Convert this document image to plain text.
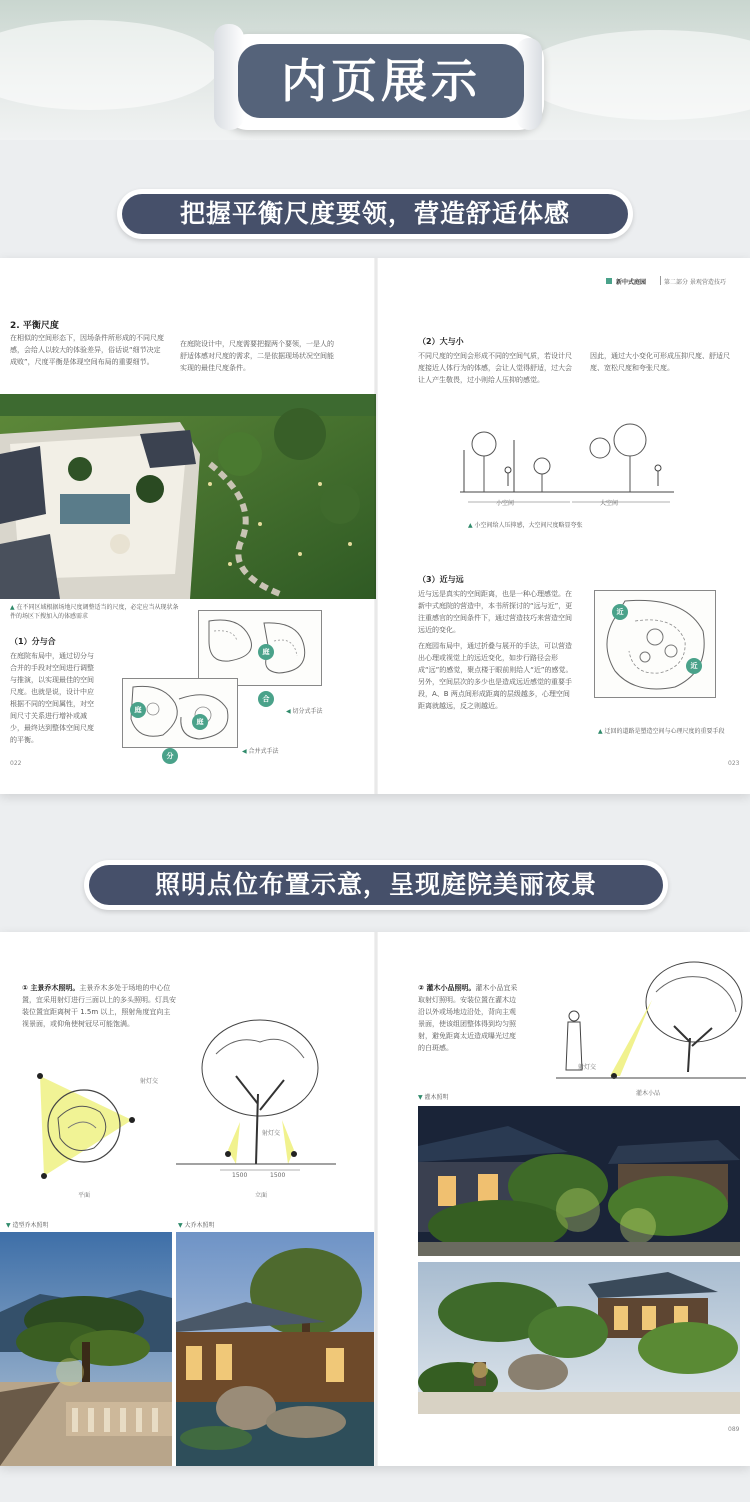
内页展示
把握平衡尺度要领，营造舒适体感
新中式庭园	第二部分 景观营造技巧
2. 平衡尺度
在相似的空间形态下，因场条件所形成的不同尺度感，会给人以较大的体验差异，俗话说“细节决定成败”，尺度平衡是体现空间布局的重要细节。
在庭院设计中，尺度需要把握两个要领，一是人的舒适体感对尺度的需求，二是依据现场状况空间能实现的最佳尺度条件。
▲ 在不同区域根据场地尺度调整适当的尺度，必定应当从现状条件的场区下搜加入的体感需求
（1）分与合
在庭院布局中，通过切分与合并的手段对空间进行调整与推演，以实现最佳的空间尺度。也就是说，设计中应根据不同的空间属性，对空间尺寸关系进行增补或减少，最终达到整体空间尺度的平衡。
庭
合
◀ 切分式手法
庭
庭
分
◀ 合并式手法
022
（2）大与小
不同尺度的空间会形成不同的空间气质，若设计尺度接近人体行为的体感，会让人觉得舒适，过大会让人产生敬畏，过小则给人压抑的感觉。
因此，通过大小变化可形成压抑尺度、舒适尺度、宽松尺度和夸张尺度。
小空间	大空间
▲ 小空间给人压抑感，大空间尺度略显夸张
（3）近与远
近与远是真实的空间距离，也是一种心理感觉。在新中式庭院的营造中，本书所探讨的“远与近”，更注重感官的空间条件下，通过营造技巧来营造空间远近的变化。
在庭园布局中，通过折叠与展开的手法，可以营造出心理或视觉上的远近变化，如步行路径会形成“远”的感觉，聚点楼于眼前则给人“近”的感觉。另外，空间层次的多少也是造成远近感觉的重要手段，A、B 两点间形成距离的层级越多，心理空间距离就越远，反之则越近。
近
近
▲ 迂回的道路是塑造空间与心理尺度的重要手段
023
照明点位布置示意，呈现庭院美丽夜景
① 主景乔木照明。主景乔木多处于场地的中心位置，宜采用射灯进行三面以上的多头照明。灯具安装位置宜距离树干 1.5m 以上，照射角度宜向主视景面，或仰角使树冠尽可能饱满。
射灯交
平面
射灯交
1500	1500
立面
▼ 造型乔木照明	▼ 大乔木照明
② 灌木小品照明。灌木小品宜采取射灯照明。安装位置在灌木边沿以外或场地边沿处，背向主观景面，使该组团整体得到均匀照射，避免距离太近造成曝光过度的白斑感。
射灯交
灌木小品
▼ 灌木照明
089
